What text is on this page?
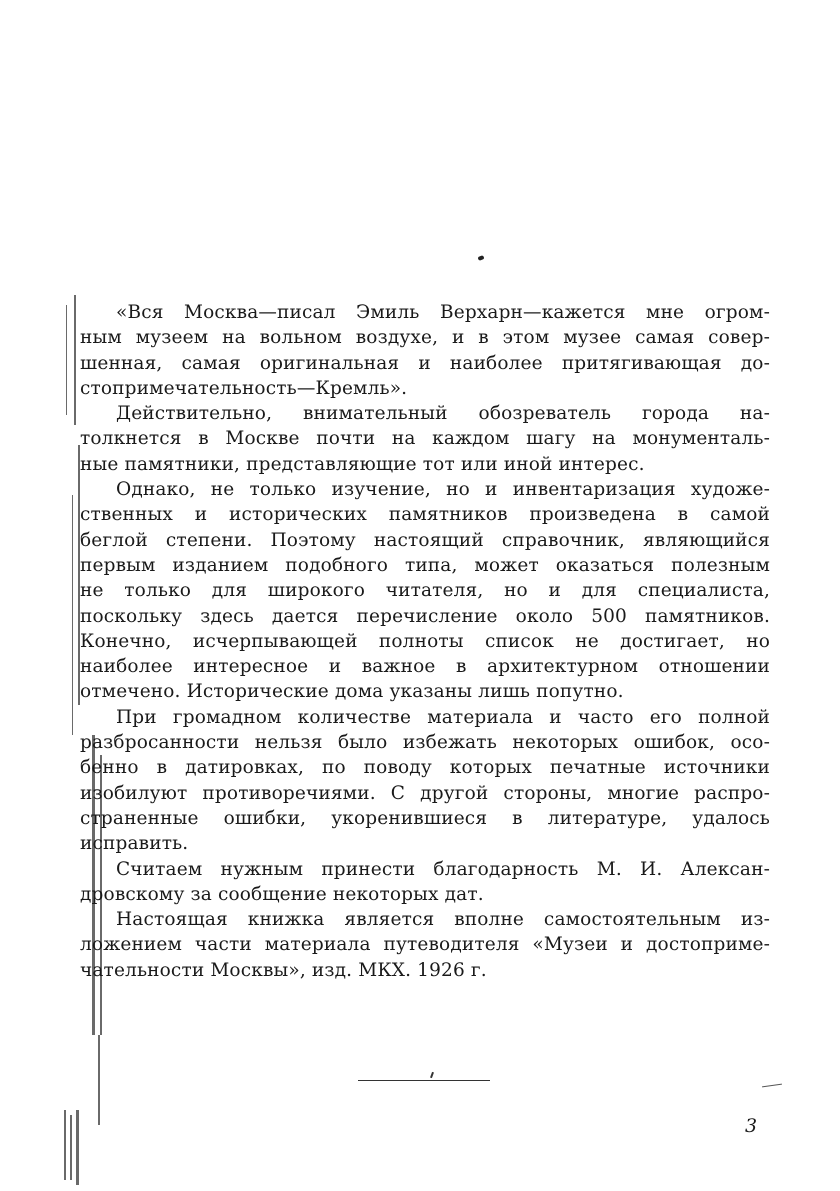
«Вся Москва—писал Эмиль Верхарн—кажется мне огром-
ным музеем на вольном воздухе, и в этом музее самая совер-
шенная, самая оригинальная и наиболее притягивающая до-
стопримечательность—Кремль».
Действительно, внимательный обозреватель города на-
толкнется в Москве почти на каждом шагу на монументаль-
ные памятники, представляющие тот или иной интерес.
Однако, не только изучение, но и инвентаризация художе-
ственных и исторических памятников произведена в самой
беглой степени. Поэтому настоящий справочник, являющийся
первым изданием подобного типа, может оказаться полезным
не только для широкого читателя, но и для специалиста,
поскольку здесь дается перечисление около 500 памятников.
Конечно, исчерпывающей полноты список не достигает, но
наиболее интересное и важное в архитектурном отношении
отмечено. Исторические дома указаны лишь попутно.
При громадном количестве материала и часто его полной
разбросанности нельзя было избежать некоторых ошибок, осо-
бенно в датировках, по поводу которых печатные источники
изобилуют противоречиями. С другой стороны, многие распро-
страненные ошибки, укоренившиеся в литературе, удалось
исправить.
Считаем нужным принести благодарность М. И. Алексан-
дровскому за сообщение некоторых дат.
Настоящая книжка является вполне самостоятельным из-
ложением части материала путеводителя «Музеи и достоприме-
чательности Москвы», изд. МКХ. 1926 г.
3
